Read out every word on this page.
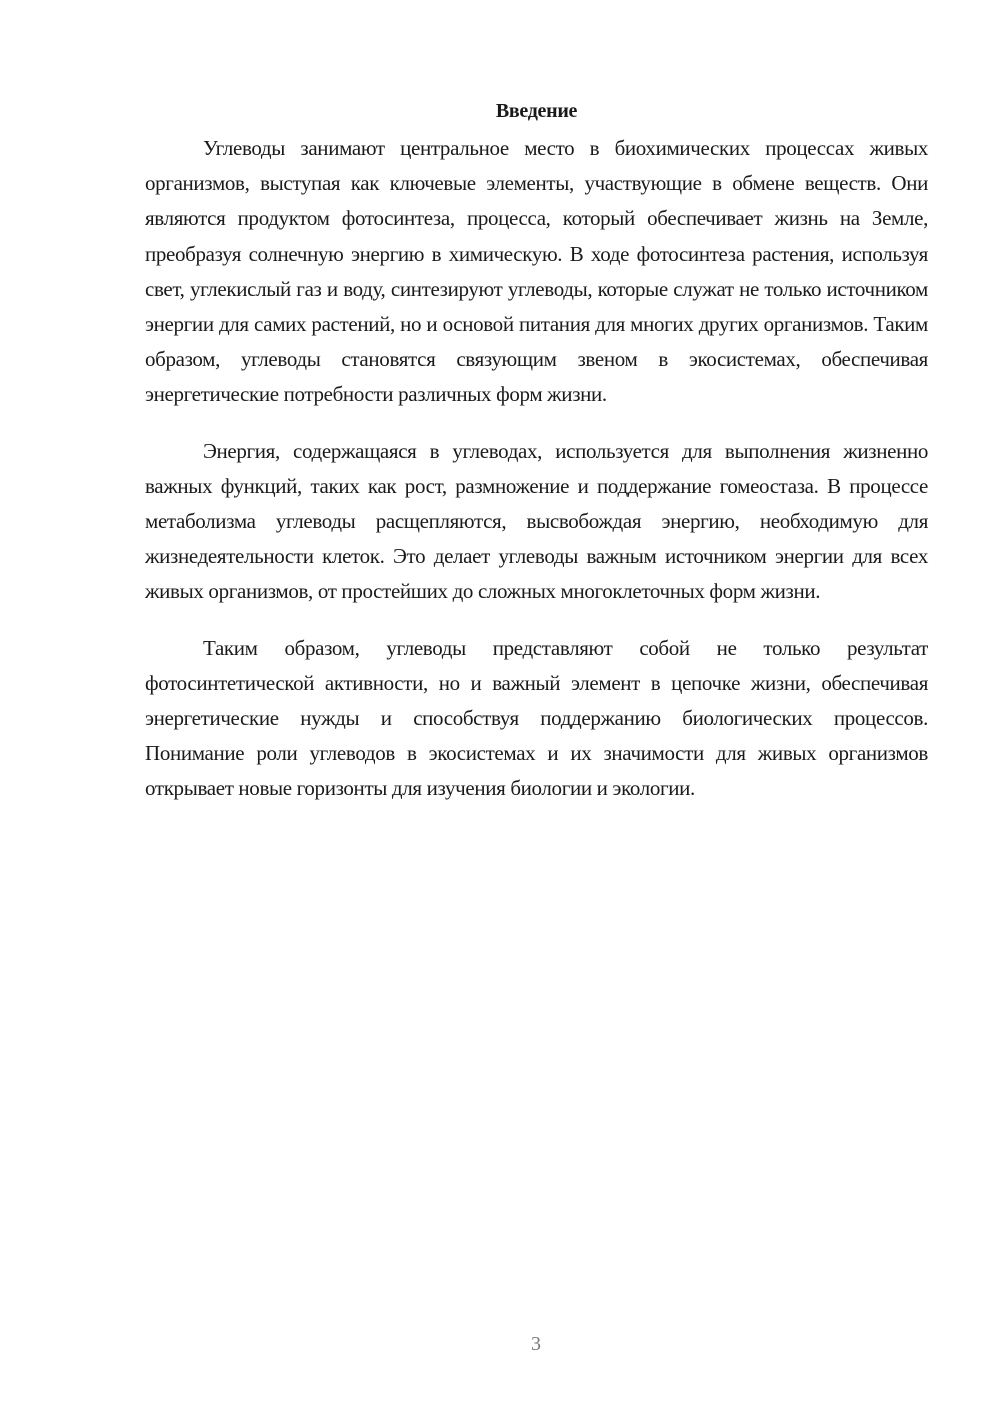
Введение

Углеводы занимают центральное место в биохимических процессах живых организмов, выступая как ключевые элементы, участвующие в обмене веществ. Они являются продуктом фотосинтеза, процесса, который обеспечивает жизнь на Земле, преобразуя солнечную энергию в химическую. В ходе фотосинтеза растения, используя свет, углекислый газ и воду, синтезируют углеводы, которые служат не только источником энергии для самих растений, но и основой питания для многих других организмов. Таким образом, углеводы становятся связующим звеном в экосистемах, обеспечивая энергетические потребности различных форм жизни.

Энергия, содержащаяся в углеводах, используется для выполнения жизненно важных функций, таких как рост, размножение и поддержание гомеостаза. В процессе метаболизма углеводы расщепляются, высвобождая энергию, необходимую для жизнедеятельности клеток. Это делает углеводы важным источником энергии для всех живых организмов, от простейших до сложных многоклеточных форм жизни.

Таким образом, углеводы представляют собой не только результат фотосинтетической активности, но и важный элемент в цепочке жизни, обеспечивая энергетические нужды и способствуя поддержанию биологических процессов. Понимание роли углеводов в экосистемах и их значимости для живых организмов открывает новые горизонты для изучения биологии и экологии.

3
